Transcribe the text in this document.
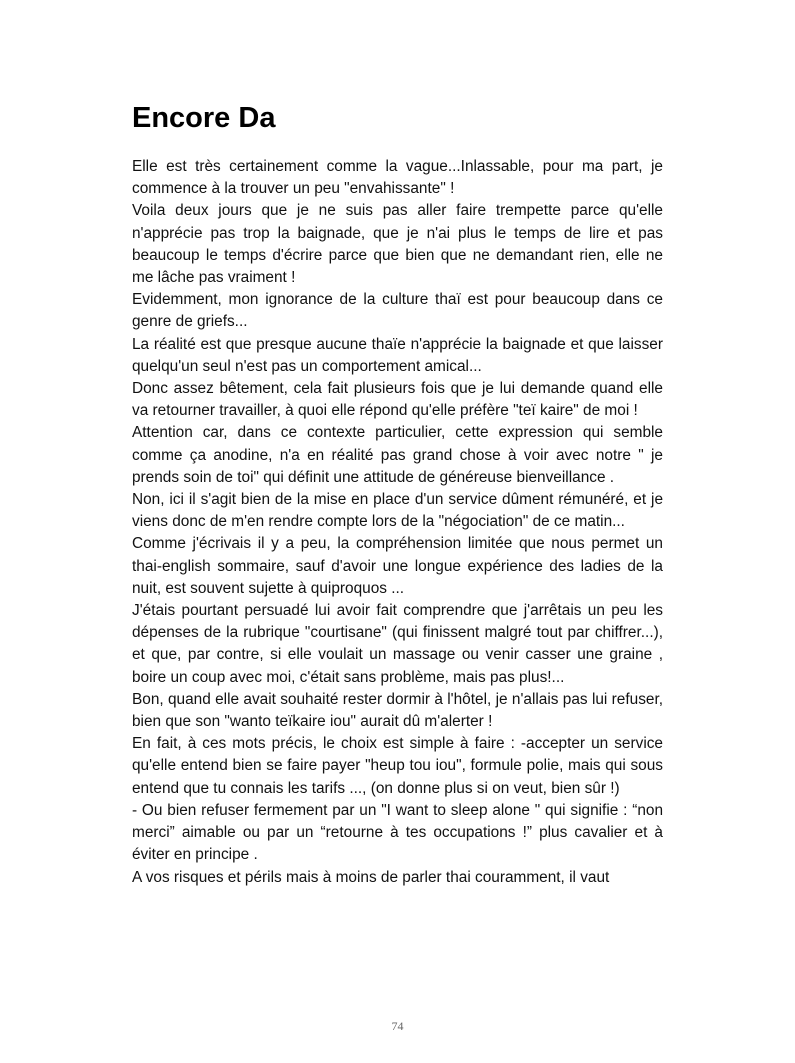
Encore Da

Elle est très certainement comme la vague...Inlassable, pour ma part, je commence à la trouver un peu "envahissante" !

Voila deux jours que je ne suis pas aller faire trempette parce qu'elle n'apprécie pas trop la baignade, que je n'ai plus le temps de lire et pas beaucoup le temps d'écrire parce que bien que ne demandant rien, elle ne me lâche pas vraiment !

Evidemment, mon ignorance de la culture thaï est pour beaucoup dans ce genre de griefs...

La réalité est que presque aucune thaïe n'apprécie la baignade et que laisser quelqu'un seul n'est pas un comportement amical...

Donc assez bêtement, cela fait plusieurs fois que je lui demande quand elle va retourner travailler, à quoi elle répond qu'elle préfère "teï kaire" de moi !

Attention car, dans ce contexte particulier, cette expression qui semble comme ça anodine, n'a en réalité pas grand chose à voir avec notre " je prends soin de toi" qui définit une attitude de généreuse bienveillance .

Non, ici il s'agit bien de la mise en place d'un service dûment rémunéré, et je viens donc de m'en rendre compte lors de la "négociation" de ce matin...

Comme j'écrivais il y a peu, la compréhension limitée que nous permet un thai-english sommaire, sauf d'avoir une longue expérience des ladies de la nuit, est souvent sujette à quiproquos ...

J'étais pourtant persuadé lui avoir fait comprendre que j'arrêtais un peu les dépenses de la rubrique "courtisane" (qui finissent malgré tout par chiffrer...), et que, par contre, si elle voulait un massage ou venir casser une graine , boire un coup avec moi, c'était sans problème, mais pas plus!...

Bon, quand elle avait souhaité rester dormir à l'hôtel, je n'allais pas lui refuser, bien que son "wanto teïkaire iou" aurait dû m'alerter !

En fait, à ces mots précis, le choix est simple à faire : -accepter un service qu'elle entend bien se faire payer "heup tou iou", formule polie, mais qui sous entend que tu connais les tarifs ..., (on donne plus si on veut, bien sûr !)

- Ou bien refuser fermement par un "I want to sleep alone " qui signifie : “non merci” aimable ou par un “retourne à tes occupations !” plus cavalier et à éviter en principe .

A vos risques et périls mais à moins de parler thai couramment, il vaut

74
